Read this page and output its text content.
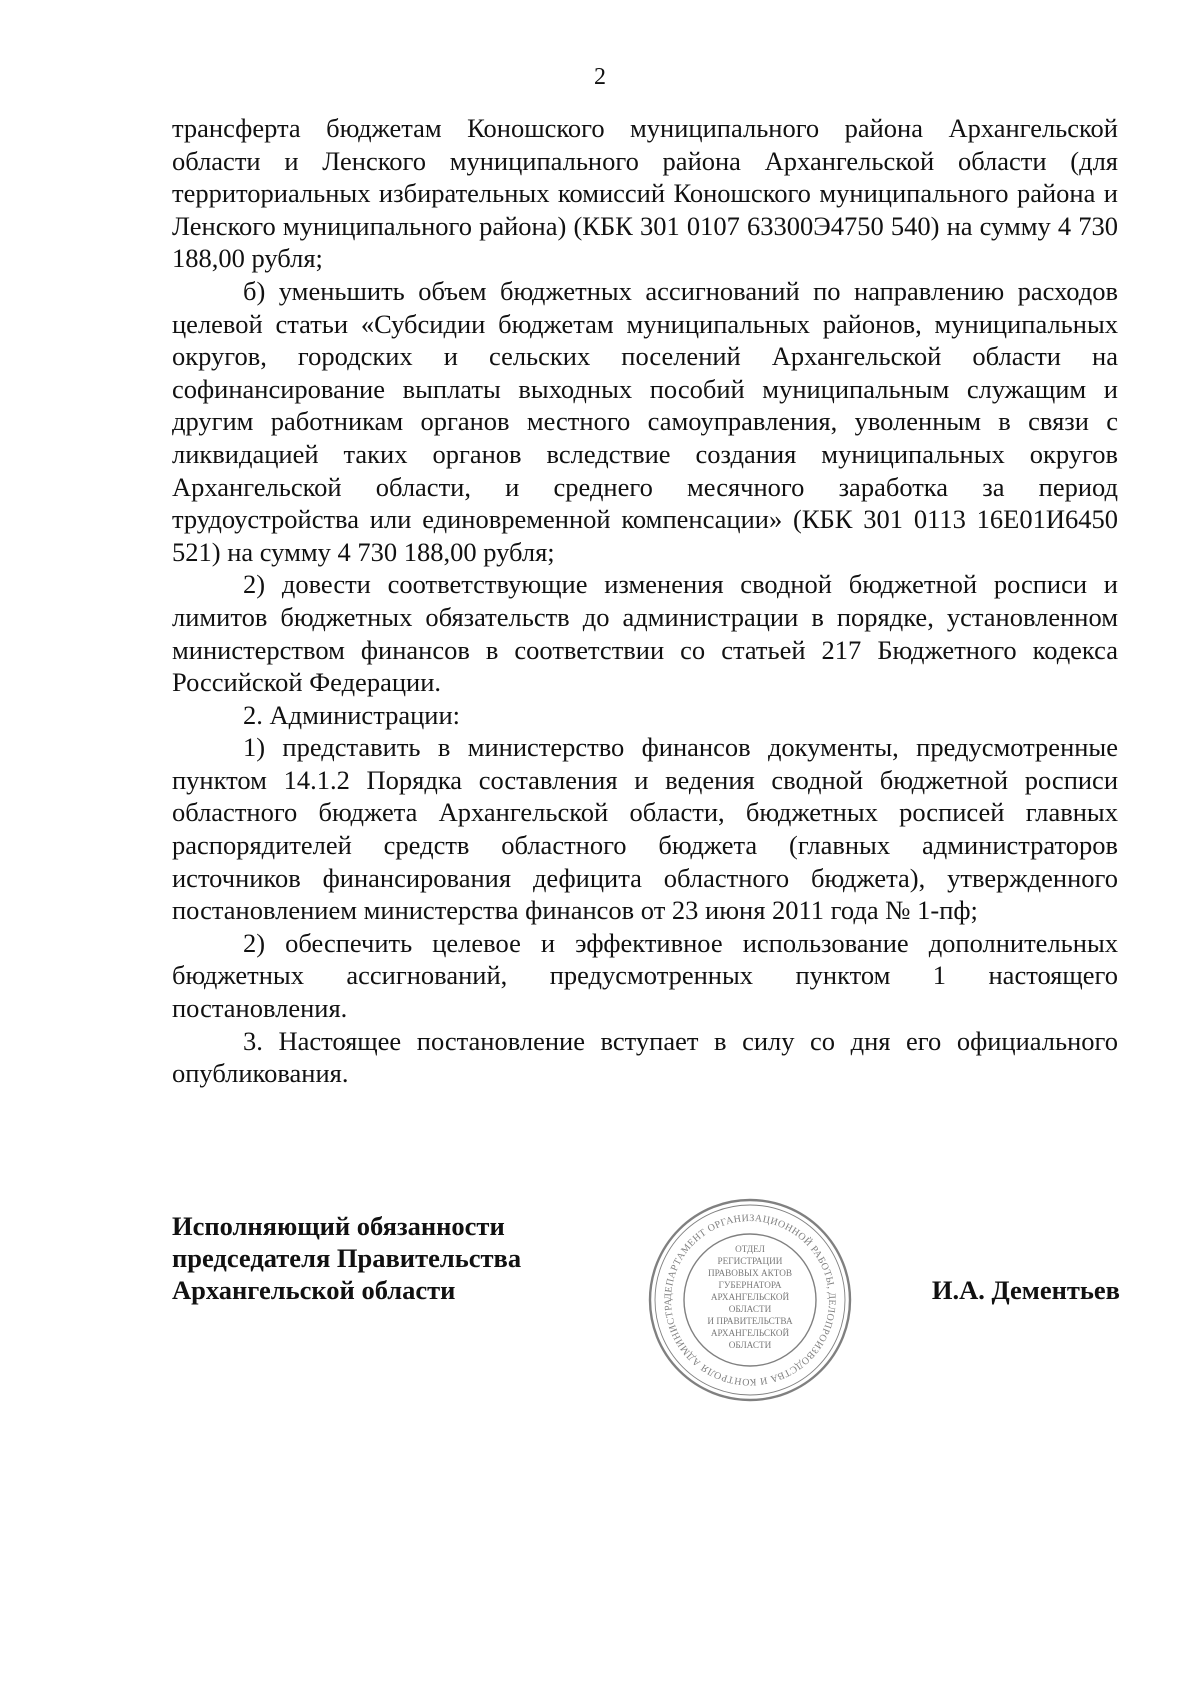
2

трансферта бюджетам Коношского муниципального района Архангельской области и Ленского муниципального района Архангельской области (для территориальных избирательных комиссий Коношского муниципального района и Ленского муниципального района) (КБК 301 0107 63300Э4750 540) на сумму 4 730 188,00 рубля;

б) уменьшить объем бюджетных ассигнований по направлению расходов целевой статьи «Субсидии бюджетам муниципальных районов, муниципальных округов, городских и сельских поселений Архангельской области на софинансирование выплаты выходных пособий муниципальным служащим и другим работникам органов местного самоуправления, уволенным в связи с ликвидацией таких органов вследствие создания муниципальных округов Архангельской области, и среднего месячного заработка за период трудоустройства или единовременной компенсации» (КБК 301 0113 16Е01И6450 521) на сумму 4 730 188,00 рубля;

2) довести соответствующие изменения сводной бюджетной росписи и лимитов бюджетных обязательств до администрации в порядке, установленном министерством финансов в соответствии со статьей 217 Бюджетного кодекса Российской Федерации.

2. Администрации:

1) представить в министерство финансов документы, предусмотренные пунктом 14.1.2 Порядка составления и ведения сводной бюджетной росписи областного бюджета Архангельской области, бюджетных росписей главных распорядителей средств областного бюджета (главных администраторов источников финансирования дефицита областного бюджета), утвержденного постановлением министерства финансов от 23 июня 2011 года № 1-пф;

2) обеспечить целевое и эффективное использование дополнительных бюджетных ассигнований, предусмотренных пунктом 1 настоящего постановления.

3. Настоящее постановление вступает в силу со дня его официального опубликования.

Исполняющий обязанности
председателя Правительства
Архангельской области	ДЕПАРТАМЕНТ ОРГАНИЗАЦИОННОЙ РАБОТЫ, ДЕЛОПРОИЗВОДСТВА И КОНТРОЛЯ АДМИНИСТРА
ОТДЕЛ
РЕГИСТРАЦИИ
ПРАВОВЫХ АКТОВ
ГУБЕРНАТОРА
АРХАНГЕЛЬСКОЙ
ОБЛАСТИ
И ПРАВИТЕЛЬСТВА
АРХАНГЕЛЬСКОЙ
ОБЛАСТИ
И.А. Дементьев
